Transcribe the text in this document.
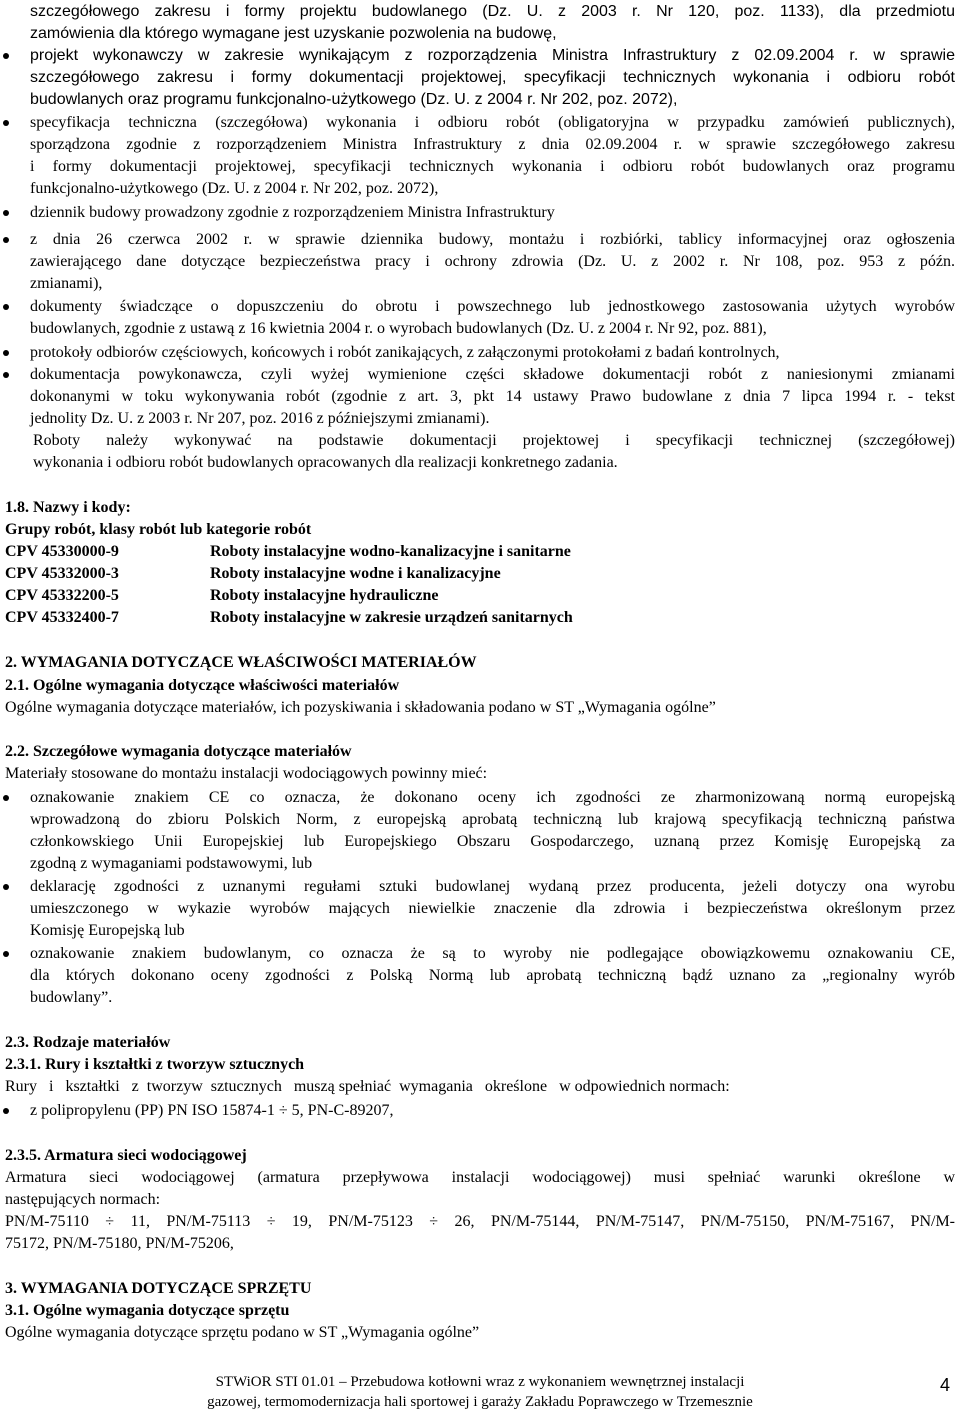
szczegółowego zakresu i formy projektu budowlanego (Dz. U. z 2003 r. Nr 120, poz. 1133), dla przedmiotu
zamówienia dla którego wymagane jest uzyskanie pozwolenia na budowę,
projekt wykonawczy w zakresie wynikającym z rozporządzenia Ministra Infrastruktury z 02.09.2004 r. w sprawie
szczegółowego zakresu i formy dokumentacji projektowej, specyfikacji technicznych wykonania i odbioru robót
budowlanych oraz programu funkcjonalno-użytkowego (Dz. U. z 2004 r. Nr 202, poz. 2072),
specyfikacja techniczna (szczegółowa) wykonania i odbioru robót (obligatoryjna w przypadku zamówień publicznych),
sporządzona zgodnie z rozporządzeniem Ministra Infrastruktury z dnia 02.09.2004 r. w sprawie szczegółowego zakresu
i formy dokumentacji projektowej, specyfikacji technicznych wykonania i odbioru robót budowlanych oraz programu
funkcjonalno-użytkowego (Dz. U. z 2004 r. Nr 202, poz. 2072),
dziennik budowy prowadzony zgodnie z rozporządzeniem Ministra Infrastruktury
z dnia 26 czerwca 2002 r. w sprawie dziennika budowy, montażu i rozbiórki, tablicy informacyjnej oraz ogłoszenia
zawierającego dane dotyczące bezpieczeństwa pracy i ochrony zdrowia (Dz. U. z 2002 r. Nr 108, poz. 953 z późn.
zmianami),
dokumenty świadczące o dopuszczeniu do obrotu i powszechnego lub jednostkowego zastosowania użytych wyrobów
budowlanych, zgodnie z ustawą z 16 kwietnia 2004 r. o wyrobach budowlanych (Dz. U. z 2004 r. Nr 92, poz. 881),
protokoły odbiorów częściowych, końcowych i robót zanikających, z załączonymi protokołami z badań kontrolnych,
dokumentacja powykonawcza, czyli wyżej wymienione części składowe dokumentacji robót z naniesionymi zmianami
dokonanymi w toku wykonywania robót (zgodnie z art. 3, pkt 14 ustawy Prawo budowlane z dnia 7 lipca 1994 r. - tekst
jednolity Dz. U. z 2003 r. Nr 207, poz. 2016 z późniejszymi zmianami).
Roboty należy wykonywać na podstawie dokumentacji projektowej i specyfikacji technicznej (szczegółowej)
wykonania i odbioru robót budowlanych opracowanych dla realizacji konkretnego zadania.
1.8. Nazwy i kody:
Grupy robót, klasy robót lub kategorie robót
CPV 45330000-9	Roboty instalacyjne wodno-kanalizacyjne i sanitarne
CPV 45332000-3	Roboty instalacyjne wodne i kanalizacyjne
CPV 45332200-5	Roboty instalacyjne hydrauliczne
CPV 45332400-7	Roboty instalacyjne w zakresie urządzeń sanitarnych
2. WYMAGANIA DOTYCZĄCE WŁAŚCIWOŚCI MATERIAŁÓW
2.1. Ogólne wymagania dotyczące właściwości materiałów
Ogólne wymagania dotyczące materiałów, ich pozyskiwania i składowania podano w ST „Wymagania ogólne”
2.2. Szczegółowe wymagania dotyczące materiałów
Materiały stosowane do montażu instalacji wodociągowych powinny mieć:
oznakowanie znakiem CE co oznacza, że dokonano oceny ich zgodności ze zharmonizowaną normą europejską
wprowadzoną do zbioru Polskich Norm, z europejską aprobatą techniczną lub krajową specyfikacją techniczną państwa
członkowskiego Unii Europejskiej lub Europejskiego Obszaru Gospodarczego, uznaną przez Komisję Europejską za
zgodną z wymaganiami podstawowymi, lub
deklarację zgodności z uznanymi regułami sztuki budowlanej wydaną przez producenta, jeżeli dotyczy ona wyrobu
umieszczonego w wykazie wyrobów mających niewielkie znaczenie dla zdrowia i bezpieczeństwa określonym przez
Komisję Europejską lub
oznakowanie znakiem budowlanym, co oznacza że są to wyroby nie podlegające obowiązkowemu oznakowaniu CE,
dla których dokonano oceny zgodności z Polską Normą lub aprobatą techniczną bądź uznano za „regionalny wyrób
budowlany”.
2.3. Rodzaje materiałów
2.3.1. Rury i kształtki z tworzyw sztucznych
Rury   i   kształtki   z  tworzyw  sztucznych   muszą spełniać  wymagania   określone   w odpowiednich normach:
z polipropylenu (PP) PN ISO 15874-1 ÷ 5, PN-C-89207,
2.3.5. Armatura sieci wodociągowej
Armatura sieci wodociągowej (armatura przepływowa instalacji wodociągowej) musi spełniać warunki określone w
następujących normach:
PN/M-75110 ÷ 11, PN/M-75113 ÷ 19, PN/M-75123 ÷ 26, PN/M-75144, PN/M-75147, PN/M-75150, PN/M-75167, PN/M-
75172, PN/M-75180, PN/M-75206,
3. WYMAGANIA DOTYCZĄCE SPRZĘTU
3.1. Ogólne wymagania dotyczące sprzętu
Ogólne wymagania dotyczące sprzętu podano w ST „Wymagania ogólne”
STWiOR STI 01.01 – Przebudowa kotłowni wraz z wykonaniem wewnętrznej instalacji
gazowej, termomodernizacja hali sportowej i garaży Zakładu Poprawczego w Trzemesznie
4
